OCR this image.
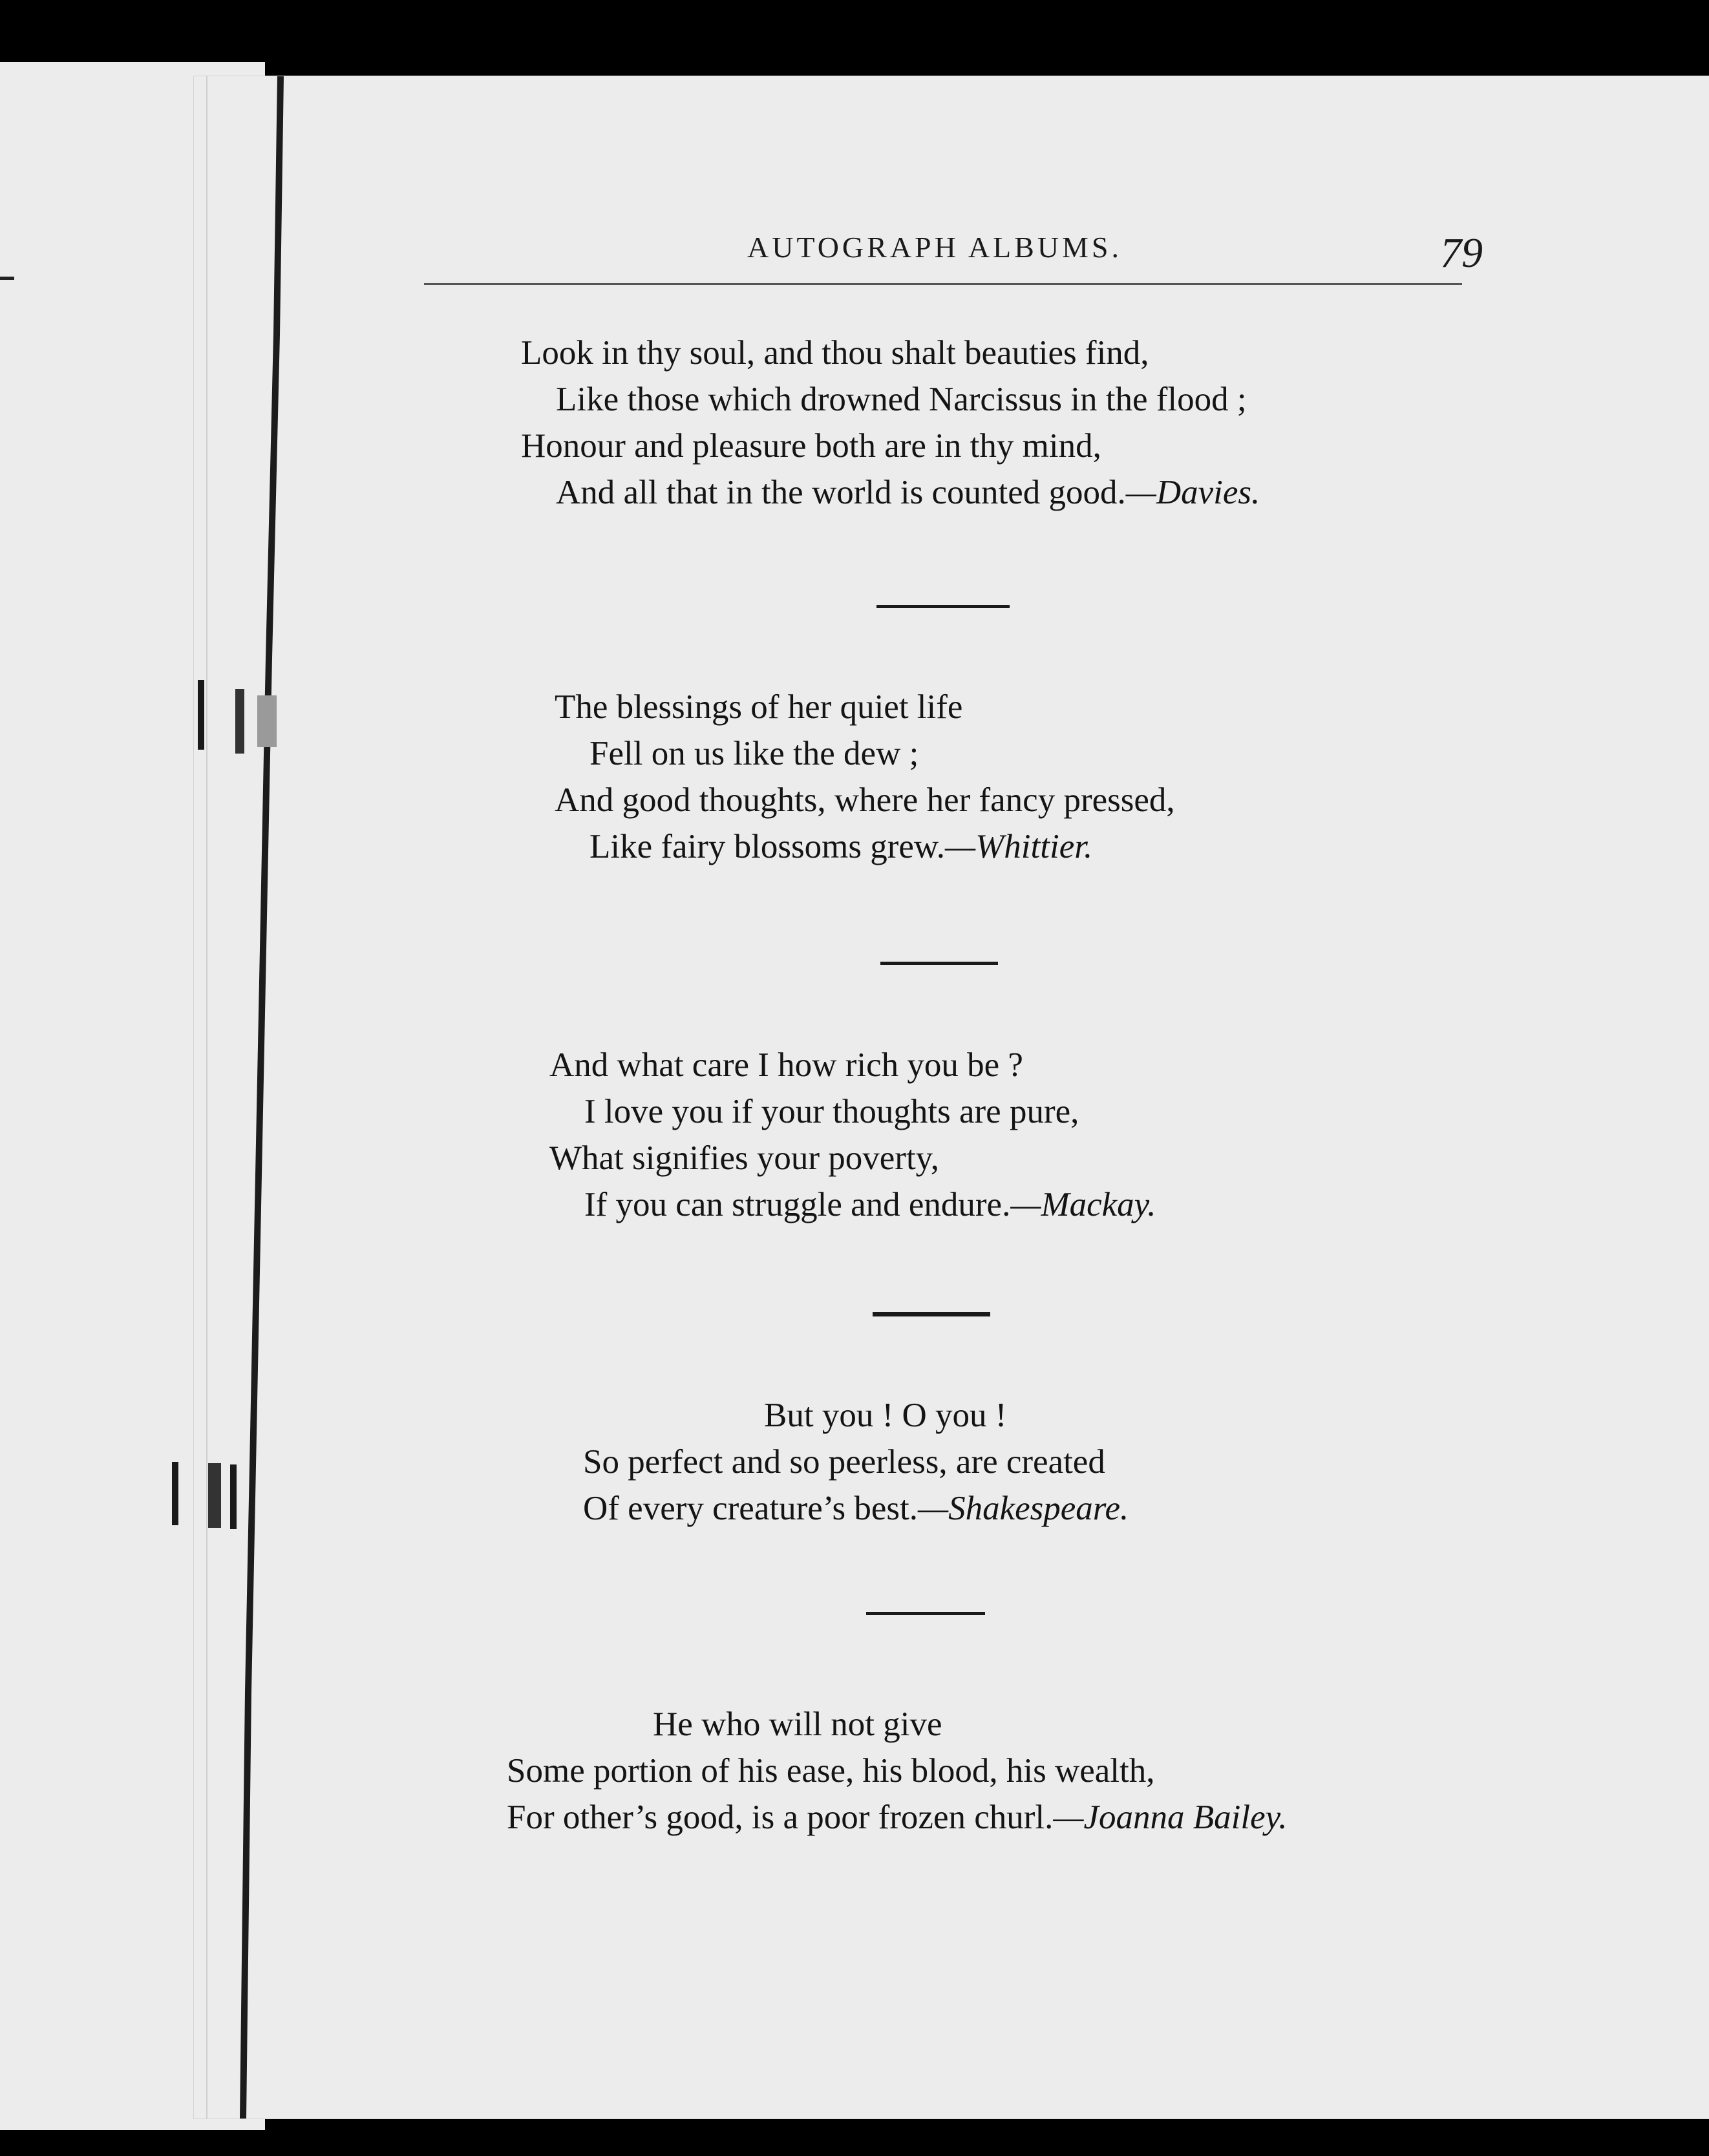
AUTOGRAPH ALBUMS.	79
Look in thy soul, and thou shalt beauties find,
Like those which drowned Narcissus in the flood ;
Honour and pleasure both are in thy mind,
And all that in the world is counted good.—Davies.
The blessings of her quiet life
Fell on us like the dew ;
And good thoughts, where her fancy pressed,
Like fairy blossoms grew.—Whittier.
And what care I how rich you be ?
I love you if your thoughts are pure,
What signifies your poverty,
If you can struggle and endure.—Mackay.
But you ! O you !
So perfect and so peerless, are created
Of every creature’s best.—Shakespeare.
He who will not give
Some portion of his ease, his blood, his wealth,
For other’s good, is a poor frozen churl.—Joanna Bailey.
